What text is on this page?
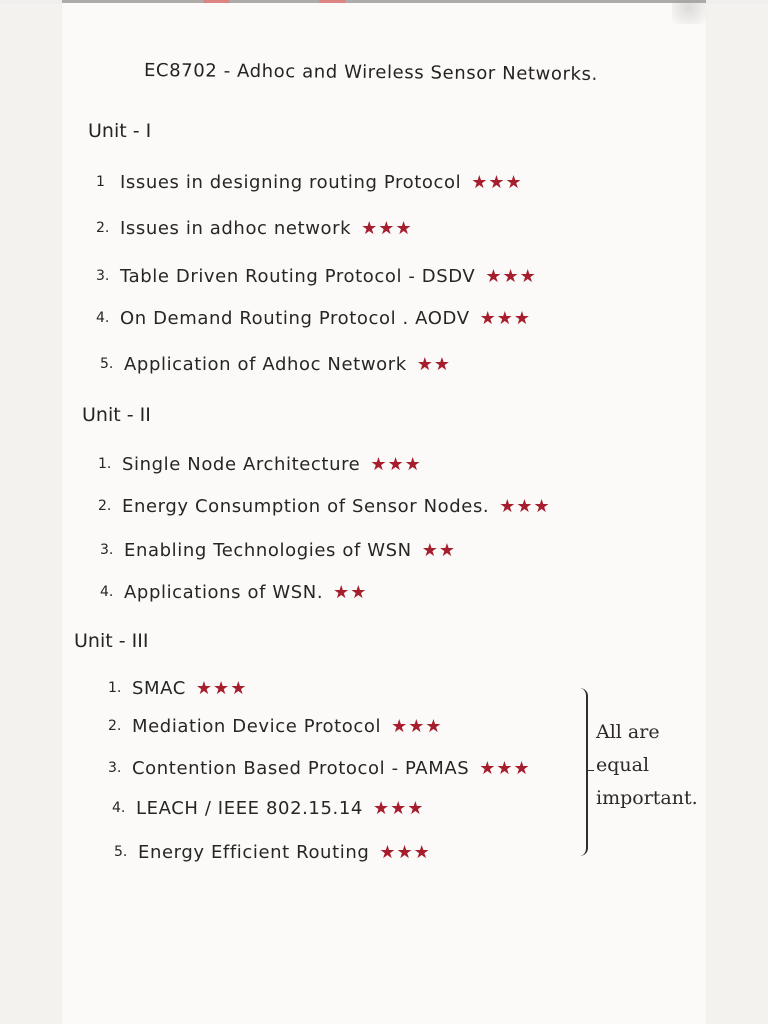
EC8702 - Adhoc and Wireless Sensor Networks.
Unit - I
1 Issues in designing routing Protocol ★★★
2. Issues in adhoc network ★★★
3. Table Driven Routing Protocol - DSDV ★★★
4. On Demand Routing Protocol . AODV ★★★
5. Application of Adhoc Network ★★
Unit - II
1. Single Node Architecture ★★★
2. Energy Consumption of Sensor Nodes. ★★★
3. Enabling Technologies of WSN ★★
4. Applications of WSN. ★★
Unit - III
1. SMAC ★★★
2. Mediation Device Protocol ★★★
3. Contention Based Protocol - PAMAS ★★★
4. LEACH / IEEE 802.15.14 ★★★
5. Energy Efficient Routing ★★★
All are
equal
important.
